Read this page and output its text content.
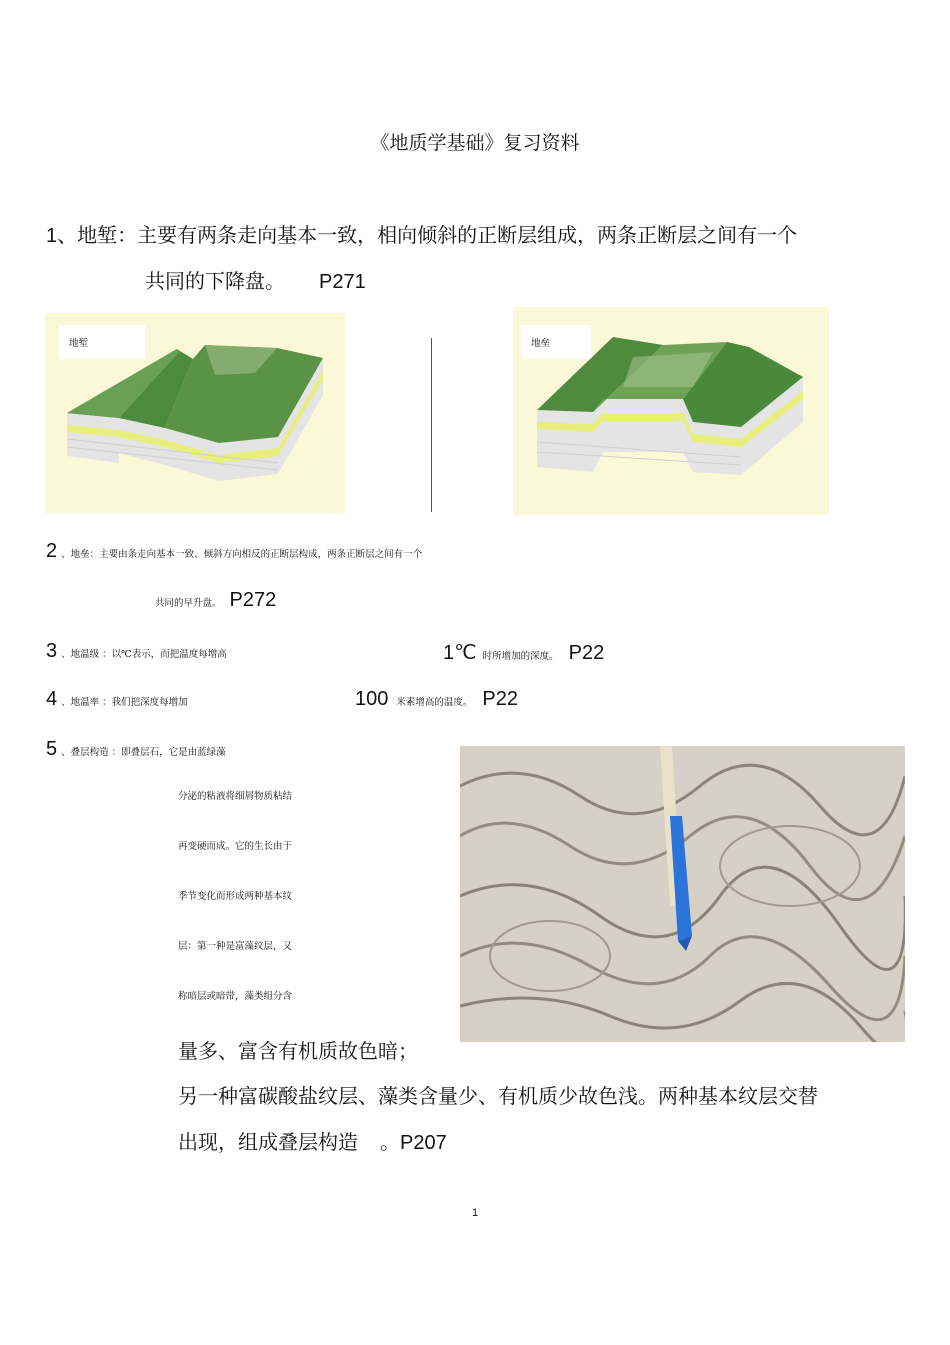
《地质学基础》复习资料
1、地堑：主要有两条走向基本一致，相向倾斜的正断层组成，两条正断层之间有一个
共同的下降盘。 P271
地堑	地垒
2 、地垒：主要由条走向基本一致、倾斜方向相反的正断层构成，两条正断层之间有一个
共同的早升盘。 P272
3 、地温级 ：以℃表示，而把温度每增高	1℃ 时所增加的深度。 P22
4 、地温率 ：我们把深度每增加	100 米素增高的温度。 P22
5 、叠层构造 ：即叠层石，它是由蓝绿藻
分泌的粘液将细屑物质粘结
再变硬而成。它的生长由于
季节变化而形成两种基本纹
层：第一种是富藻纹层，又
称暗层或暗带，藻类组分含
量多、富含有机质故色暗；
另一种富碳酸盐纹层、藻类含量少、有机质少故色浅。两种基本纹层交替
出现，组成叠层构造 。P207
1
